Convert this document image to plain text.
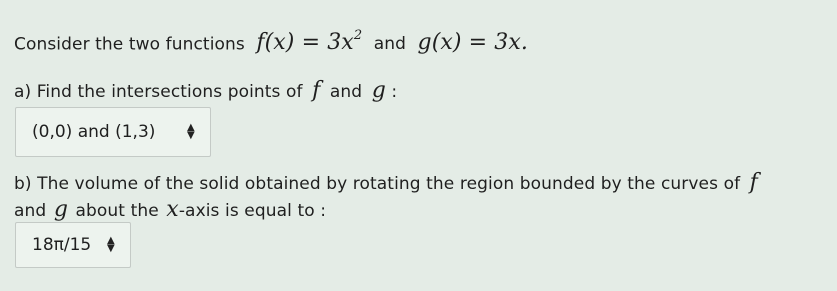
Consider the two functions $f(x) = 3x^2$ and g(x) = 3x.
a) Find the intersections points of f and g :
(0,0) and (1,3)	▲
▼
b) The volume of the solid obtained by rotating the region bounded by the curves of f
and g about the x-axis is equal to :
18π/15 ▲
▼
